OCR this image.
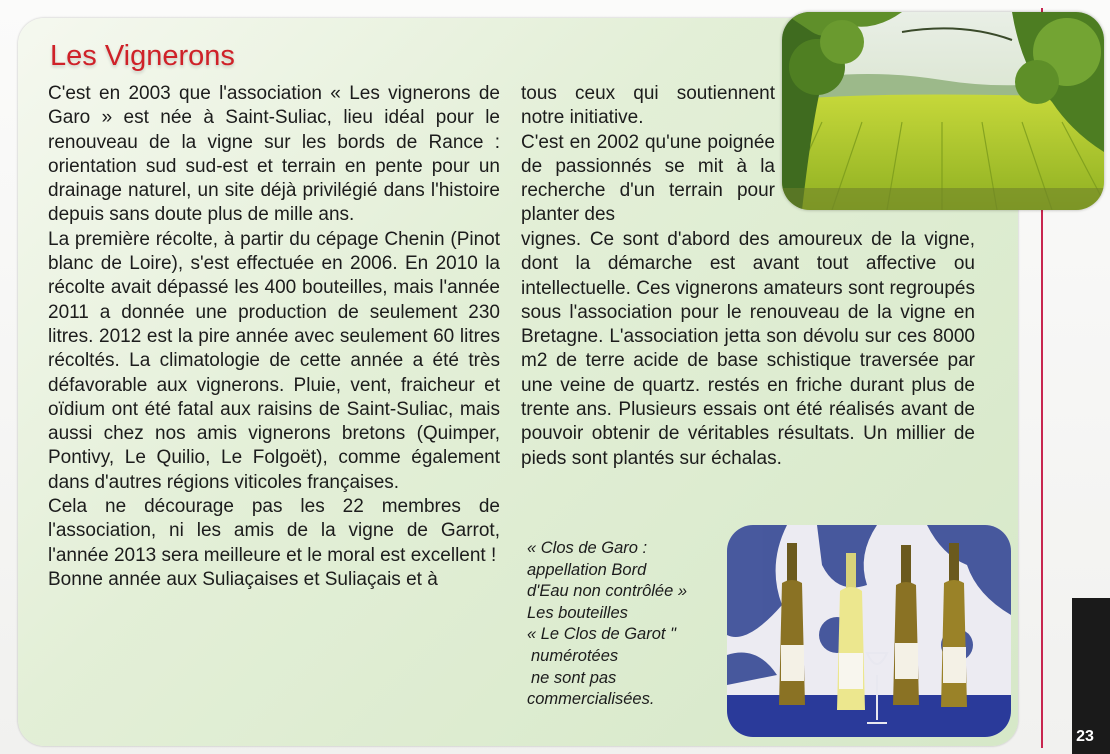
23
Les Vignerons

C'est en 2003 que l'association « Les vignerons de Garo » est née à Saint-Suliac, lieu idéal pour le renouveau de la vigne sur les bords de Rance : orientation sud sud-est et terrain en pente pour un drainage naturel, un site déjà privilégié dans l'histoire depuis sans doute plus de mille ans.

La première récolte, à partir du cépage Chenin (Pinot blanc de Loire), s'est effectuée en 2006. En 2010 la récolte avait dépassé les 400 bouteilles, mais l'année 2011 a donnée une production de seulement 230 litres. 2012 est la pire année avec seulement 60 litres récoltés. La climatologie de cette année a été très défavorable aux vignerons. Pluie, vent, fraicheur et oïdium ont été fatal aux raisins de Saint-Suliac, mais aussi chez nos amis vignerons bretons (Quimper, Pontivy, Le Quilio, Le Folgoët), comme également dans d'autres régions viticoles françaises.

Cela ne décourage pas les 22 membres de l'association, ni les amis de la vigne de Garrot, l'année 2013 sera meilleure et le moral est excellent !

Bonne année aux Suliaçaises et Suliaçais et à

tous ceux qui soutiennent notre initiative.

C'est en 2002 qu'une poignée de passionnés se mit à la recherche d'un terrain pour planter des

vignes. Ce sont d'abord des amoureux de la vigne, dont la démarche est avant tout affective ou intellectuelle. Ces vignerons amateurs sont regroupés sous l'association pour le renouveau de la vigne en Bretagne. L'association jetta son dévolu sur ces 8000 m2 de terre acide de base schistique traversée par une veine de quartz. restés en friche durant plus de trente ans. Plusieurs essais ont été réalisés avant de pouvoir obtenir de véritables résultats. Un millier de pieds sont plantés sur échalas.

« Clos de Garo :
appellation Bord
d'Eau non contrôlée »
Les bouteilles
« Le Clos de Garot "
numérotées
ne sont pas
commercialisées.
